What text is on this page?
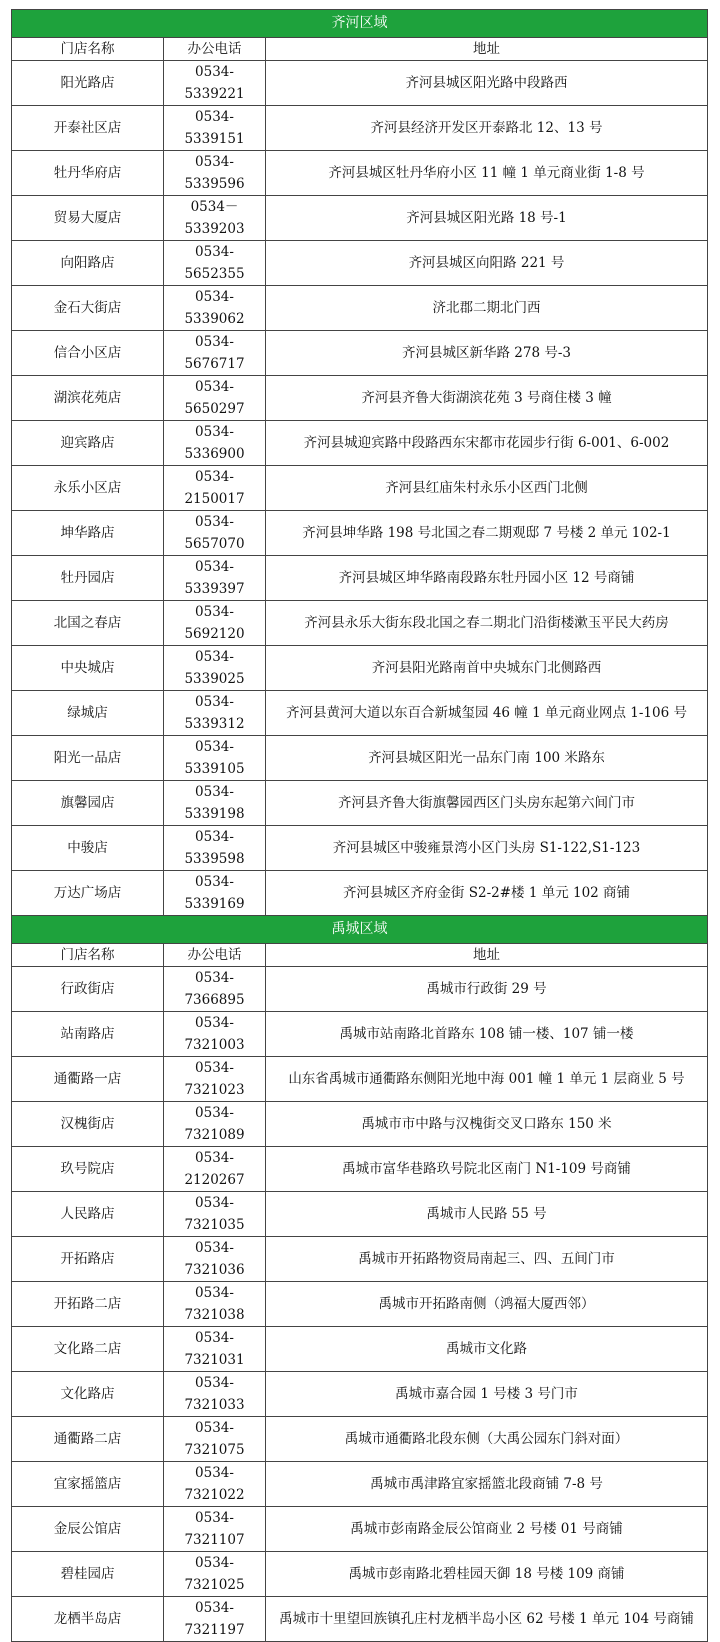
齐河区域		
门店名称	办公电话	地址
阳光路店	0534-5339221	齐河县城区阳光路中段路西
开泰社区店	0534-5339151	齐河县经济开发区开泰路北 12、13 号
牡丹华府店	0534-5339596	齐河县城区牡丹华府小区 11 幢 1 单元商业街 1-8 号
贸易大厦店	0534－5339203	齐河县城区阳光路 18 号-1
向阳路店	0534-5652355	齐河县城区向阳路 221 号
金石大街店	0534-5339062	济北郡二期北门西
信合小区店	0534-5676717	齐河县城区新华路 278 号-3
湖滨花苑店	0534-5650297	齐河县齐鲁大街湖滨花苑 3 号商住楼 3 幢
迎宾路店	0534-5336900	齐河县城迎宾路中段路西东宋都市花园步行街 6-001、6-002
永乐小区店	0534-2150017	齐河县红庙朱村永乐小区西门北侧
坤华路店	0534-5657070	齐河县坤华路 198 号北国之春二期观邸 7 号楼 2 单元 102-1
牡丹园店	0534-5339397	齐河县城区坤华路南段路东牡丹园小区 12 号商铺
北国之春店	0534-5692120	齐河县永乐大街东段北国之春二期北门沿街楼漱玉平民大药房
中央城店	0534-5339025	齐河县阳光路南首中央城东门北侧路西
绿城店	0534-5339312	齐河县黄河大道以东百合新城玺园 46 幢 1 单元商业网点 1-106 号
阳光一品店	0534-5339105	齐河县城区阳光一品东门南 100 米路东
旗馨园店	0534-5339198	齐河县齐鲁大街旗馨园西区门头房东起第六间门市
中骏店	0534-5339598	齐河县城区中骏雍景湾小区门头房 S1-122,S1-123
万达广场店	0534-5339169	齐河县城区齐府金街 S2-2#楼 1 单元 102 商铺
禹城区域		
门店名称	办公电话	地址
行政街店	0534-7366895	禹城市行政街 29 号
站南路店	0534-7321003	禹城市站南路北首路东 108 铺一楼、107 铺一楼
通衢路一店	0534-7321023	山东省禹城市通衢路东侧阳光地中海 001 幢 1 单元 1 层商业 5 号
汉槐街店	0534-7321089	禹城市市中路与汉槐街交叉口路东 150 米
玖号院店	0534-2120267	禹城市富华巷路玖号院北区南门 N1-109 号商铺
人民路店	0534-7321035	禹城市人民路 55 号
开拓路店	0534-7321036	禹城市开拓路物资局南起三、四、五间门市
开拓路二店	0534-7321038	禹城市开拓路南侧（鸿福大厦西邻）
文化路二店	0534-7321031	禹城市文化路
文化路店	0534-7321033	禹城市嘉合园 1 号楼 3 号门市
通衢路二店	0534-7321075	禹城市通衢路北段东侧（大禹公园东门斜对面）
宜家摇篮店	0534-7321022	禹城市禹津路宜家摇篮北段商铺 7-8 号
金辰公馆店	0534-7321107	禹城市彭南路金辰公馆商业 2 号楼 01 号商铺
碧桂园店	0534-7321025	禹城市彭南路北碧桂园天御 18 号楼 109 商铺
龙栖半岛店	0534-7321197	禹城市十里望回族镇孔庄村龙栖半岛小区 62 号楼 1 单元 104 号商铺
